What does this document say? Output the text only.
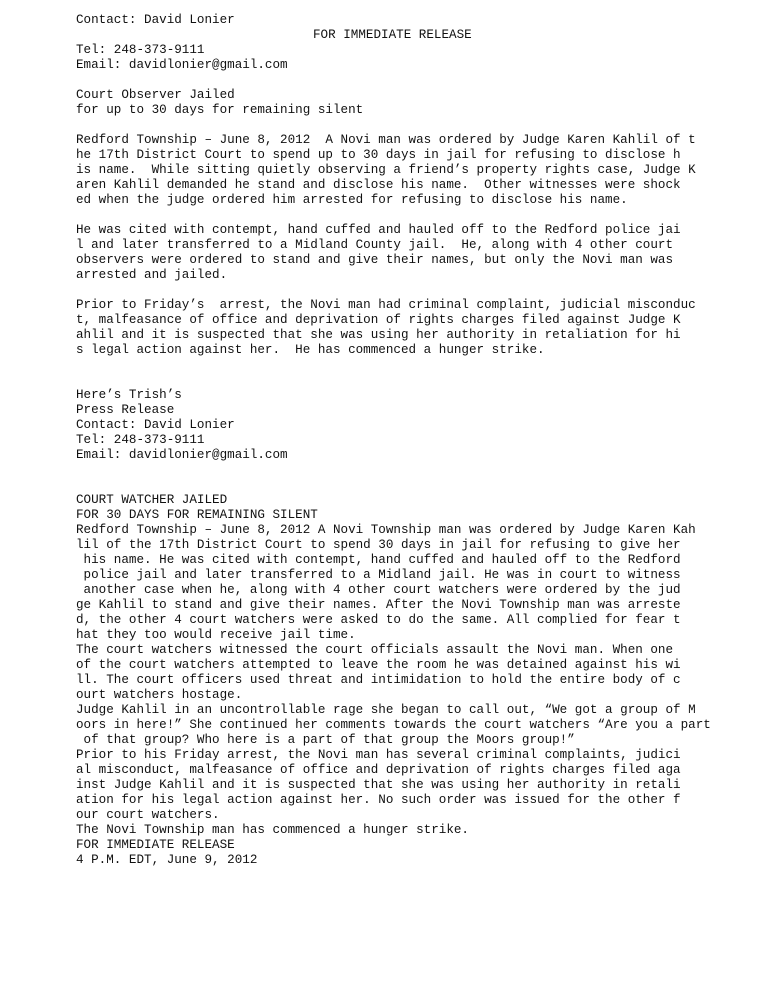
Contact: David Lonier
FOR IMMEDIATE RELEASE
Tel: 248-373-9111
Email: davidlonier@gmail.com
Court Observer Jailed
for up to 30 days for remaining silent
Redford Township – June 8, 2012  A Novi man was ordered by Judge Karen Kahlil of t
he 17th District Court to spend up to 30 days in jail for refusing to disclose h
is name.  While sitting quietly observing a friend’s property rights case, Judge K
aren Kahlil demanded he stand and disclose his name.  Other witnesses were shock
ed when the judge ordered him arrested for refusing to disclose his name.
He was cited with contempt, hand cuffed and hauled off to the Redford police jai
l and later transferred to a Midland County jail.  He, along with 4 other court
observers were ordered to stand and give their names, but only the Novi man was
arrested and jailed.
Prior to Friday’s  arrest, the Novi man had criminal complaint, judicial misconduc
t, malfeasance of office and deprivation of rights charges filed against Judge K
ahlil and it is suspected that she was using her authority in retaliation for hi
s legal action against her.  He has commenced a hunger strike.
Here’s Trish’s
Press Release
Contact: David Lonier
Tel: 248-373-9111
Email: davidlonier@gmail.com
COURT WATCHER JAILED
FOR 30 DAYS FOR REMAINING SILENT
Redford Township – June 8, 2012 A Novi Township man was ordered by Judge Karen Kah
lil of the 17th District Court to spend 30 days in jail for refusing to give her
his name. He was cited with contempt, hand cuffed and hauled off to the Redford
police jail and later transferred to a Midland jail. He was in court to witness
another case when he, along with 4 other court watchers were ordered by the jud
ge Kahlil to stand and give their names. After the Novi Township man was arreste
d, the other 4 court watchers were asked to do the same. All complied for fear t
hat they too would receive jail time.
The court watchers witnessed the court officials assault the Novi man. When one
of the court watchers attempted to leave the room he was detained against his wi
ll. The court officers used threat and intimidation to hold the entire body of c
ourt watchers hostage.
Judge Kahlil in an uncontrollable rage she began to call out, “We got a group of M
oors in here!” She continued her comments towards the court watchers “Are you a part
of that group? Who here is a part of that group the Moors group!”
Prior to his Friday arrest, the Novi man has several criminal complaints, judici
al misconduct, malfeasance of office and deprivation of rights charges filed aga
inst Judge Kahlil and it is suspected that she was using her authority in retali
ation for his legal action against her. No such order was issued for the other f
our court watchers.
The Novi Township man has commenced a hunger strike.
FOR IMMEDIATE RELEASE
4 P.M. EDT, June 9, 2012
